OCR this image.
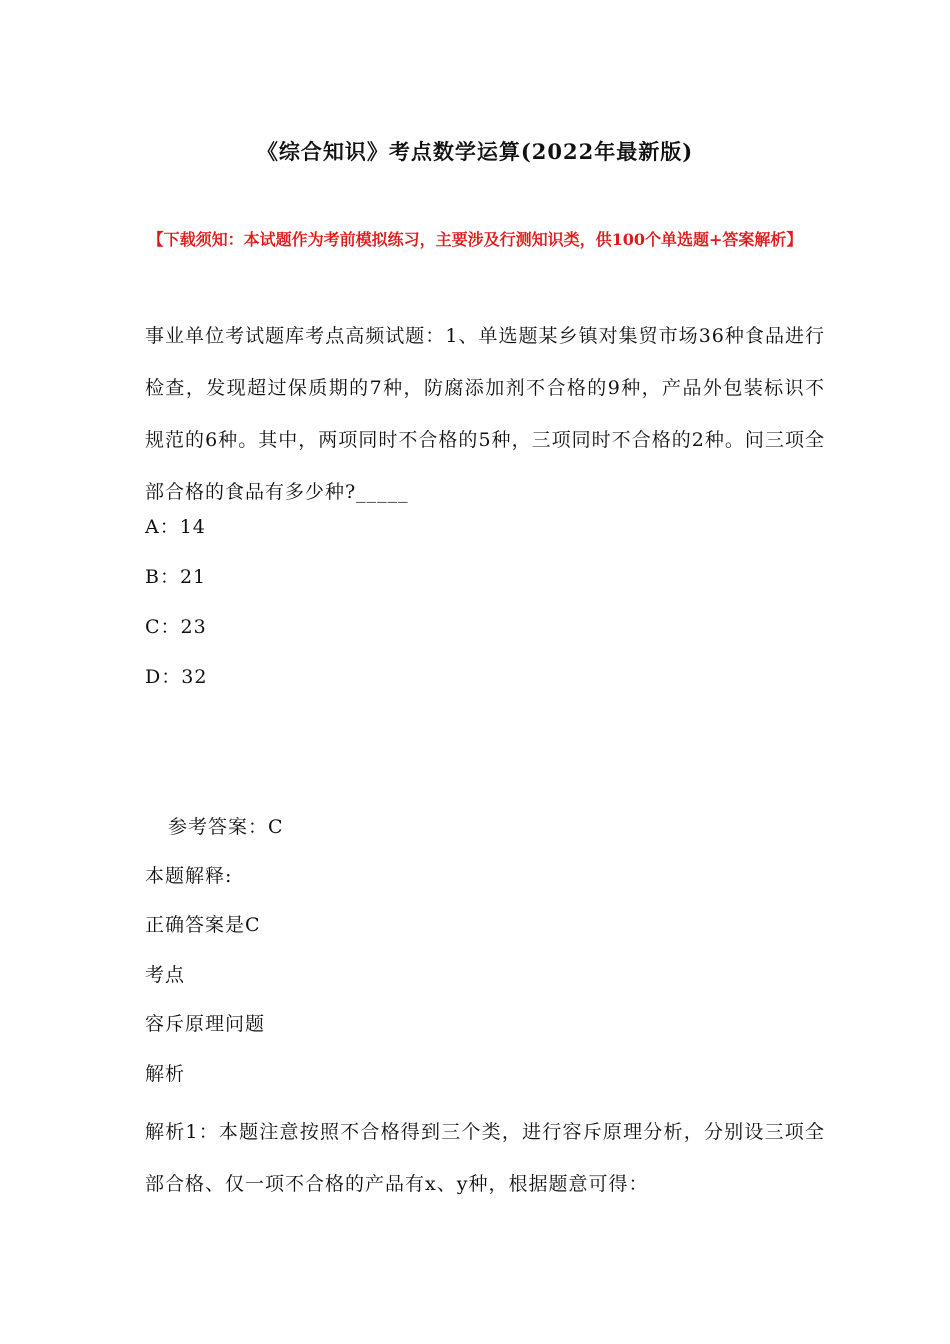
《综合知识》考点数学运算(2022年最新版)
【下载须知：本试题作为考前模拟练习，主要涉及行测知识类，供100个单选题+答案解析】
事业单位考试题库考点高频试题：1、单选题某乡镇对集贸市场36种食品进行检查，发现超过保质期的7种，防腐添加剂不合格的9种，产品外包装标识不规范的6种。其中，两项同时不合格的5种，三项同时不合格的2种。问三项全部合格的食品有多少种?_____
A：14
B：21
C：23
D：32
参考答案：C
本题解释:
正确答案是C
考点
容斥原理问题
解析
解析1：本题注意按照不合格得到三个类，进行容斥原理分析，分别设三项全部合格、仅一项不合格的产品有x、y种，根据题意可得：
